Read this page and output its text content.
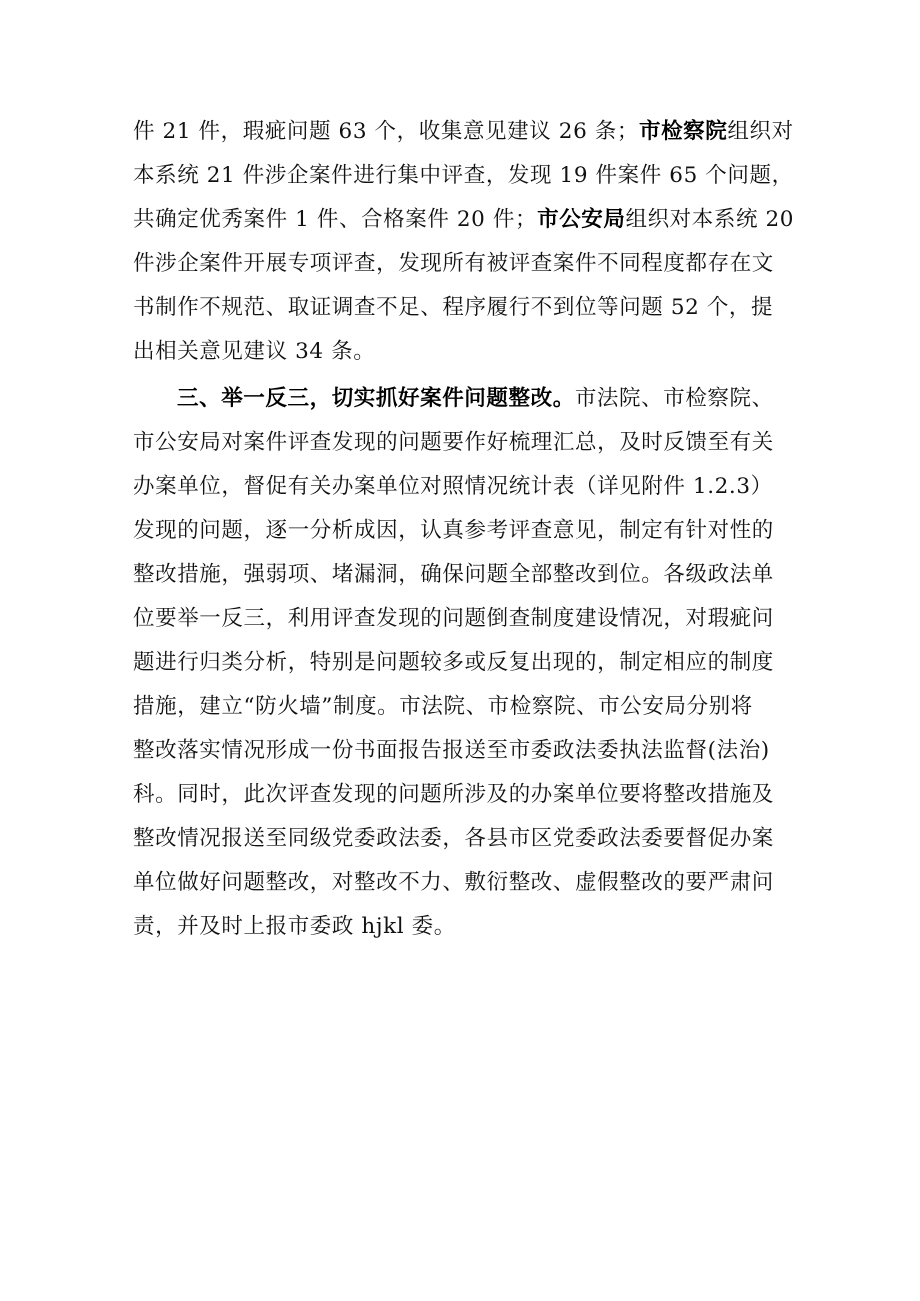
件 21 件，瑕疵问题 63 个，收集意见建议 26 条；市检察院组织对
本系统 21 件涉企案件进行集中评查，发现 19 件案件 65 个问题，
共确定优秀案件 1 件、合格案件 20 件；市公安局组织对本系统 20
件涉企案件开展专项评查，发现所有被评查案件不同程度都存在文
书制作不规范、取证调查不足、程序履行不到位等问题 52 个，提
出相关意见建议 34 条。
三、举一反三，切实抓好案件问题整改。市法院、市检察院、
市公安局对案件评查发现的问题要作好梳理汇总，及时反馈至有关
办案单位，督促有关办案单位对照情况统计表（详见附件 1.2.3）
发现的问题，逐一分析成因，认真参考评查意见，制定有针对性的
整改措施，强弱项、堵漏洞，确保问题全部整改到位。各级政法单
位要举一反三，利用评查发现的问题倒查制度建设情况，对瑕疵问
题进行归类分析，特别是问题较多或反复出现的，制定相应的制度
措施，建立“防火墙”制度。市法院、市检察院、市公安局分别将
整改落实情况形成一份书面报告报送至市委政法委执法监督(法治)
科。同时，此次评查发现的问题所涉及的办案单位要将整改措施及
整改情况报送至同级党委政法委，各县市区党委政法委要督促办案
单位做好问题整改，对整改不力、敷衍整改、虚假整改的要严肃问
责，并及时上报市委政 hjkl 委。
